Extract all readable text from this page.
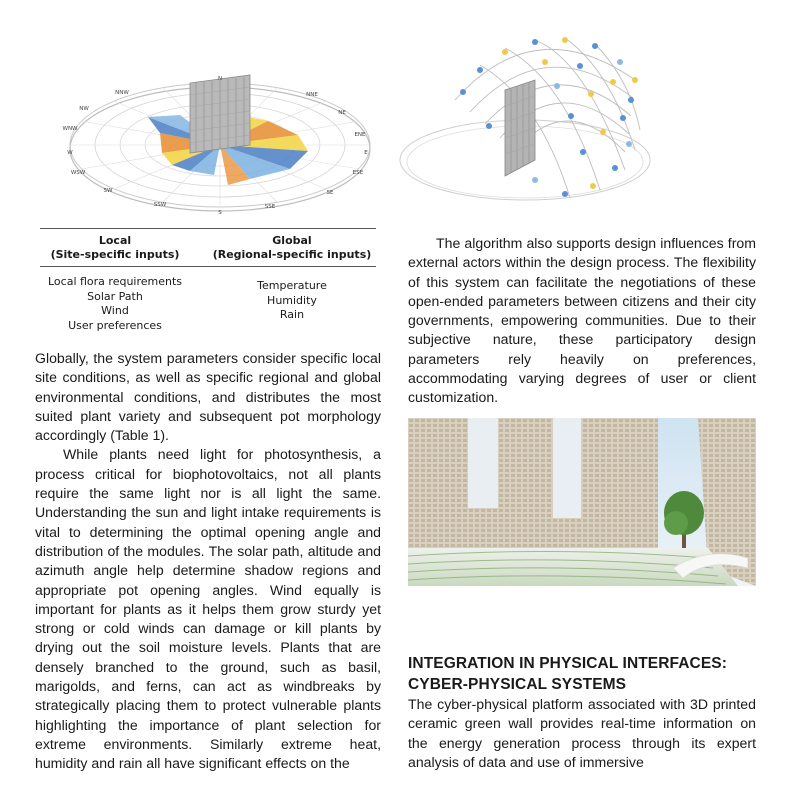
N
NNE
NE
ENE
E
ESE
SE
SSE
S
SSW
SW
WSW
W
WNW
NW
NNW
Local
(Site-specific inputs)
Global
(Regional-specific inputs)
Local flora requirements
Solar Path
Wind
User preferences
Temperature
Humidity
Rain

Globally, the system parameters consider specific local site conditions, as well as specific regional and global environmental conditions, and distributes the most suited plant variety and subsequent pot morphology accordingly (Table 1).

While plants need light for photosynthesis, a process critical for biophotovoltaics, not all plants require the same light nor is all light the same. Understanding the sun and light intake requirements is vital to determining the optimal opening angle and distribution of the modules. The solar path, altitude and azimuth angle help determine shadow regions and appropriate pot opening angles. Wind equally is important for plants as it helps them grow sturdy yet strong or cold winds can damage or kill plants by drying out the soil moisture levels. Plants that are densely branched to the ground, such as basil, marigolds, and ferns, can act as windbreaks by strategically placing them to protect vulnerable plants highlighting the importance of plant selection for extreme environments. Similarly extreme heat, humidity and rain all have significant effects on the

The algorithm also supports design influences from external actors within the design process. The flexibility of this system can facilitate the negotiations of these open-ended parameters between citizens and their city governments, empowering communities. Due to their subjective nature, these participatory design parameters rely heavily on preferences, accommodating varying degrees of user or client customization.

INTEGRATION IN PHYSICAL INTERFACES:
CYBER-PHYSICAL SYSTEMS

The cyber-physical platform associated with 3D printed ceramic green wall provides real-time information on the energy generation process through its expert analysis of data and use of immersive
